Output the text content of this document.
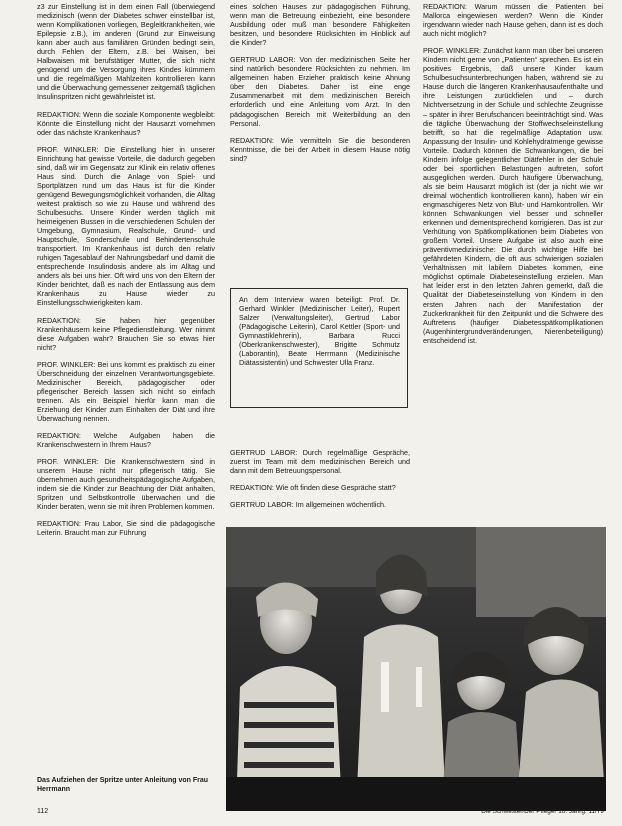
z3 zur Einstellung ist in dem einen Fall (überwiegend medizinisch (wenn der Diabetes schwer einstellbar ist, wenn Komplikationen vorliegen, Begleitkrankheiten, wie Epilepsie z.B.), im anderen (Grund zur Einweisung kann aber auch aus familiären Gründen bedingt sein, durch Fehlen der Eltern, z.B. bei Waisen, bei Halbwaisen mit berufstätiger Mutter, die sich nicht genügend um die Versorgung ihres Kindes kümmern und die regelmäßigen Mahlzeiten kontrollieren kann und die Überwachung gemessener zeitgemäß täglichen Insulinspritzen nicht gewährleistet ist.

REDAKTION: Wenn die soziale Komponente wegbleibt: Könnte die Einstellung nicht der Hausarzt vornehmen oder das nächste Krankenhaus?

PROF. WINKLER: Die Einstellung hier in unserer Einrichtung hat gewisse Vorteile, die dadurch gegeben sind, daß wir im Gegensatz zur Klinik ein relativ offenes Haus sind. Durch die Anlage von Spiel- und Sportplätzen rund um das Haus ist für die Kinder genügend Bewegungsmöglichkeit vorhanden, die Alltag weitest praktisch so wie zu Hause und während des Schulbesuchs. Unsere Kinder werden täglich mit heimeigenen Bussen in die verschiedenen Schulen der Umgebung, Gymnasium, Realschule, Grund- und Hauptschule, Sonderschule und Behindertenschule transportiert. Im Krankenhaus ist durch den relativ ruhigen Tagesablauf der Nahrungsbedarf und damit die entsprechende Insulindosis andere als im Alltag und anders als bei uns hier. Oft wird uns von den Eltern der Kinder berichtet, daß es nach der Entlassung aus dem Krankenhaus zu Hause wieder zu Einstellungsschwierigkeiten kam.

REDAKTION: Sie haben hier gegenüber Krankenhäusern keine Pflegedienstleitung. Wer nimmt diese Aufgaben wahr? Brauchen Sie so etwas hier nicht?

PROF. WINKLER: Bei uns kommt es praktisch zu einer Überschneidung der einzelnen Verantwortungsgebiete. Medizinischer Bereich, pädagogischer oder pflegerischer Bereich lassen sich nicht so einfach trennen. Als ein Beispiel hierfür kann man die Erziehung der Kinder zum Einhalten der Diät und ihre Überwachung nennen.

REDAKTION: Welche Aufgaben haben die Krankenschwestern in Ihrem Haus?

PROF. WINKLER: Die Krankenschwestern sind in unserem Hause nicht nur pflegerisch tätig. Sie übernehmen auch gesundheitspädagogische Aufgaben, indem sie die Kinder zur Beachtung der Diät anhalten, Spritzen und Selbstkontrolle überwachen und die Kinder beraten, wenn sie mit ihren Problemen kommen.

REDAKTION: Frau Labor, Sie sind die pädagogische Leiterin. Braucht man zur Führung

eines solchen Hauses zur pädagogischen Führung, wenn man die Betreuung einbezieht, eine besondere Ausbildung oder muß man besondere Fähigkeiten besitzen, und besondere Rücksichten im Hinblick auf die Kinder?

GERTRUD LABOR: Von der medizinischen Seite her sind natürlich besondere Rücksichten zu nehmen. Im allgemeinen haben Erzieher praktisch keine Ahnung über den Diabetes. Daher ist eine enge Zusammenarbeit mit dem medizinischen Bereich erforderlich und eine Anleitung vom Arzt. In den pädagogischen Bereich mit Weiterbildung an den Personal.

REDAKTION: Wie vermitteln Sie die besonderen Kenntnisse, die bei der Arbeit in diesem Hause nötig sind?

An dem Interview waren beteiligt: Prof. Dr. Gerhard Winkler (Medizinischer Leiter), Rupert Salzer (Verwaltungsleiter), Gertrud Labor (Pädagogische Leiterin), Carol Kettler (Sport- und Gymnastiklehrerin), Barbara Rucci (Oberkrankenschwester), Brigitte Schmutz (Laborantin), Beate Herrmann (Medizinische Diätassistentin) und Schwester Ulla Franz.

GERTRUD LABOR: Durch regelmäßige Gespräche, zuerst im Team mit dem medizinischen Bereich und dann mit dem Betreuungspersonal.

REDAKTION: Wie oft finden diese Gespräche statt?

GERTRUD LABOR: Im allgemeinen wöchentlich.

REDAKTION: Warum müssen die Patienten bei Mallorca eingewiesen werden? Wenn die Kinder irgendwann wieder nach Hause gehen, dann ist es doch auch nicht möglich?

PROF. WINKLER: Zunächst kann man über bei unseren Kindern nicht gerne von „Patienten“ sprechen. Es ist ein positives Ergebnis, daß unsere Kinder kaum Schulbesuchsunterbrechungen haben, während sie zu Hause durch die längeren Krankenhausaufenthalte und ihre Leistungen zurückfielen und – durch Nichtversetzung in der Schule und schlechte Zeugnisse – später in ihrer Berufschancen beeinträchtigt sind. Was die tägliche Überwachung der Stoffwechseleinstellung betrifft, so hat die regelmäßige Adaptation usw. Anpassung der Insulin- und Kohlehydratmenge gewisse Vorteile. Dadurch können die Schwankungen, die bei Kindern infolge gelegentlicher Diätfehler in der Schule oder bei sportlichen Belastungen auftreten, sofort ausgeglichen werden. Durch häufigere Überwachung, als sie beim Hausarzt möglich ist (der ja nicht wie wir dreimal wöchentlich kontrollieren kann), haben wir ein engmaschigeres Netz von Blut- und Harnkontrollen. Wir können Schwankungen viel besser und schneller erkennen und dementsprechend korrigieren. Das ist zur Verhütung von Spätkomplikationen beim Diabetes von großem Vorteil. Unsere Aufgabe ist also auch eine präventivmedizinische: Die durch wichtige Hilfe bei gefährdeten Kindern, die oft aus schwierigen sozialen Verhältnissen mit labilem Diabetes kommen, eine möglichst optimale Diabeteseinstellung erzielen. Man hat leider erst in den letzten Jahren gemerkt, daß die Qualität der Diabeteseinstellung von Kindern in den ersten Jahren nach der Manifestation der Zuckerkrankheit für den Zeitpunkt und die Schwere des Auftretens (häufiger Diabetesspätkomplikationen (Augenhintergrundveränderungen, Nierenbeteiligung) entscheidend ist.

Das Aufziehen der Spritze unter Anleitung von Frau Herrmann
112	Die Schwester/Der Pfleger 18. Jahrg. 11/79
